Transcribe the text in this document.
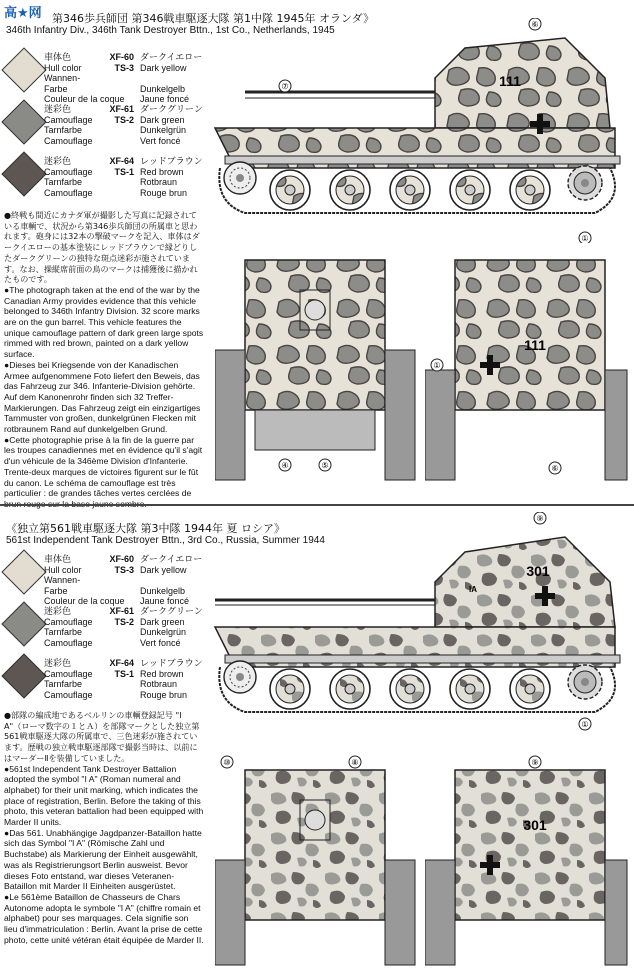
高★网 第346歩兵師団 第346戦車駆逐大隊 第1中隊 1945年 オランダ》
346th Infantry Div., 346th Tank Destroyer Bttn., 1st Co., Netherlands, 1945
車体色	XF-60 ダークイエロー
Hull color	TS-3 Dark yellow
Wannen-Farbe	Dunkelgelb
Couleur de la coque Jaune foncé
迷彩色	XF-61 ダークグリーン
Camouflage TS-2 Dark green
Tarnfarbe	Dunkelgrün
Camouflage	Vert foncé
迷彩色	XF-64 レッドブラウン
Camouflage TS-1 Red brown
Tarnfarbe	Rotbraun
Camouflage	Rouge brun

●終戦も間近にカナダ軍が撮影した写真に記録されている車輌で、状況から第346歩兵師団の所属車と思われます。砲身には32本の撃破マークを記入、車体はダークイエローの基本塗装にレッドブラウンで縁どりしたダークグリーンの独特な斑点迷彩が施されています。なお、操縦席前面の鳥のマークは捕獲後に描かれたものです。

●The photograph taken at the end of the war by the Canadian Army provides evidence that this vehicle belonged to 346th Infantry Division. 32 score marks are on the gun barrel. This vehicle features the unique camouflage pattern of dark green large spots rimmed with red brown, painted on a dark yellow surface.

●Dieses bei Kriegsende von der Kanadischen Armee aufgenommene Foto liefert den Beweis, das das Fahrzeug zur 346. Infanterie-Division gehörte. Auf dem Kanonenrohr finden sich 32 Treffer-Markierungen. Das Fahrzeug zeigt ein einzigartiges Tarnmuster von großen, dunkelgrünen Flecken mit rotbraunem Rand auf dunkelgelben Grund.

●Cette photographie prise à la fin de la guerre par les troupes canadiennes met en évidence qu'il s'agit d'un véhicule de la 346ème Division d'Infanterie. Trente-deux marques de victoires figurent sur le fût du canon. Le schéma de camouflage est très particulier : de grandes tâches vertes cerclées de

111
⑥
⑦
①
④	⑤
111
①
⑥
《独立第561戦車駆逐大隊 第3中隊 1944年 夏 ロシア》
561st Independent Tank Destroyer Bttn., 3rd Co., Russia, Summer 1944
車体色	XF-60 ダークイエロー
Hull color	TS-3 Dark yellow
Wannen-Farbe	Dunkelgelb
Couleur de la coque Jaune foncé
迷彩色	XF-61 ダークグリーン
Camouflage TS-2 Dark green
Tarnfarbe	Dunkelgrün
Camouflage	Vert foncé
迷彩色	XF-64 レッドブラウン
Camouflage TS-1 Red brown
Tarnfarbe	Rotbraun
Camouflage	Rouge brun

●部隊の編成地であるベルリンの車輌登録記号 "I A"（ローマ数字の１とＡ）を部隊マークとした独立第561戦車駆逐大隊の所属車で、三色迷彩が施されています。歴戦の独立戦車駆逐部隊で撮影当時は、以前にはマーダーⅡを装備していました。

●561st Independent Tank Destroyer Battalion adopted the symbol "I A" (Roman numeral and alphabet) for their unit marking, which indicates the place of registration, Berlin. Before the taking of this photo, this veteran battalion had been equipped with Marder II units.

●Das 561. Unabhängige Jagdpanzer-Bataillon hatte sich das Symbol "I A" (Römische Zahl und Buchstabe) als Markierung der Einheit ausgewählt, was als Registrierungsort Berlin ausweist. Bevor dieses Foto entstand, war dieses Veteranen-Bataillon mit Marder II Einheiten ausgerüstet.

●Le 561ème Bataillon de Chasseurs de Chars Autonome adopta le symbole "I A" (chiffre romain et alphabet) pour ses marquages. Cela signifie son lieu d'immatriculation : Berlin. Avant la prise de cette photo, cette unité vétéran était équipée de Marder II.

301
IA
⑨
①
⑩	⑧
301
⑨
